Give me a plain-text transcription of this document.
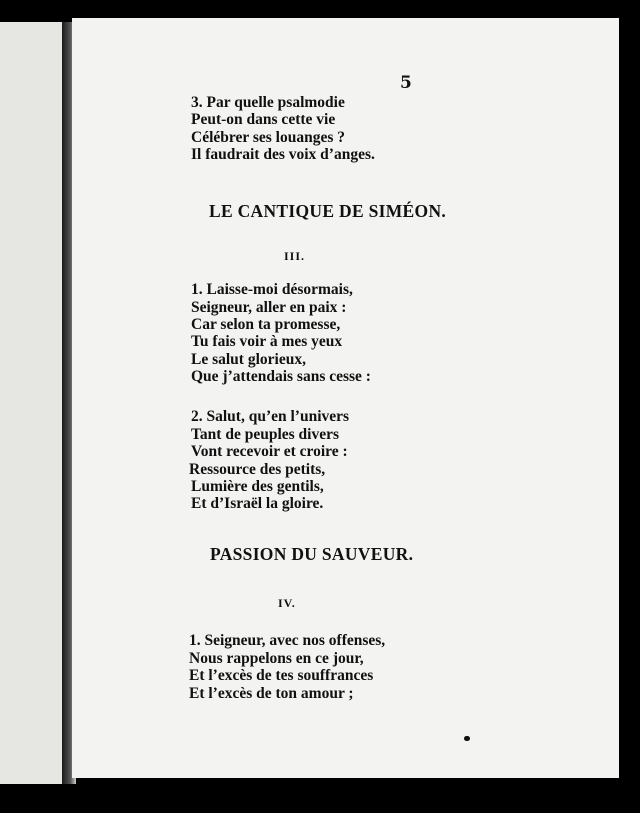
5
3. Par quelle psalmodie
Peut-on dans cette vie
Célébrer ses louanges ?
Il faudrait des voix d’anges.
LE CANTIQUE DE SIMÉON.
III.
1. Laisse-moi désormais,
Seigneur, aller en paix :
Car selon ta promesse,
Tu fais voir à mes yeux
Le salut glorieux,
Que j’attendais sans cesse :
2. Salut, qu’en l’univers
Tant de peuples divers
Vont recevoir et croire :
Ressource des petits,
Lumière des gentils,
Et d’Israël la gloire.
PASSION DU SAUVEUR.
IV.
1. Seigneur, avec nos offenses,
Nous rappelons en ce jour,
Et l’excès de tes souffrances
Et l’excès de ton amour ;
